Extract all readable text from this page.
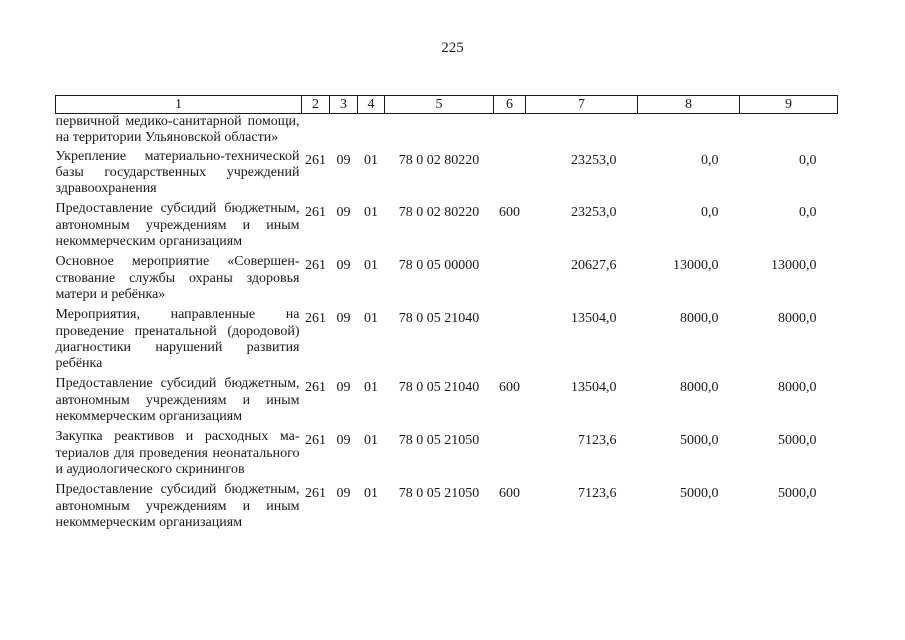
225
1	2	3	4	5	6	7	8	9
первичной медико-санитарной помощи, на территории Ульяновской области»								
Укрепление материально-технической базы государственных учреждений здравоохранения	261	09	01	78 0 02 80220		23253,0	0,0	0,0
Предоставление субсидий бюджетным, автономным учреждениям и иным некоммерческим организациям	261	09	01	78 0 02 80220	600	23253,0	0,0	0,0
Основное мероприятие «Совершенствование службы охраны здоровья матери и ребёнка»	261	09	01	78 0 05 00000		20627,6	13000,0	13000,0
Мероприятия, направленные на проведение пренатальной (дородовой) диагностики нарушений развития ребёнка	261	09	01	78 0 05 21040		13504,0	8000,0	8000,0
Предоставление субсидий бюджетным, автономным учреждениям и иным некоммерческим организациям	261	09	01	78 0 05 21040	600	13504,0	8000,0	8000,0
Закупка реактивов и расходных материалов для проведения неонатального и аудиологического скринингов	261	09	01	78 0 05 21050		7123,6	5000,0	5000,0
Предоставление субсидий бюджетным, автономным учреждениям и иным некоммерческим организациям	261	09	01	78 0 05 21050	600	7123,6	5000,0	5000,0
